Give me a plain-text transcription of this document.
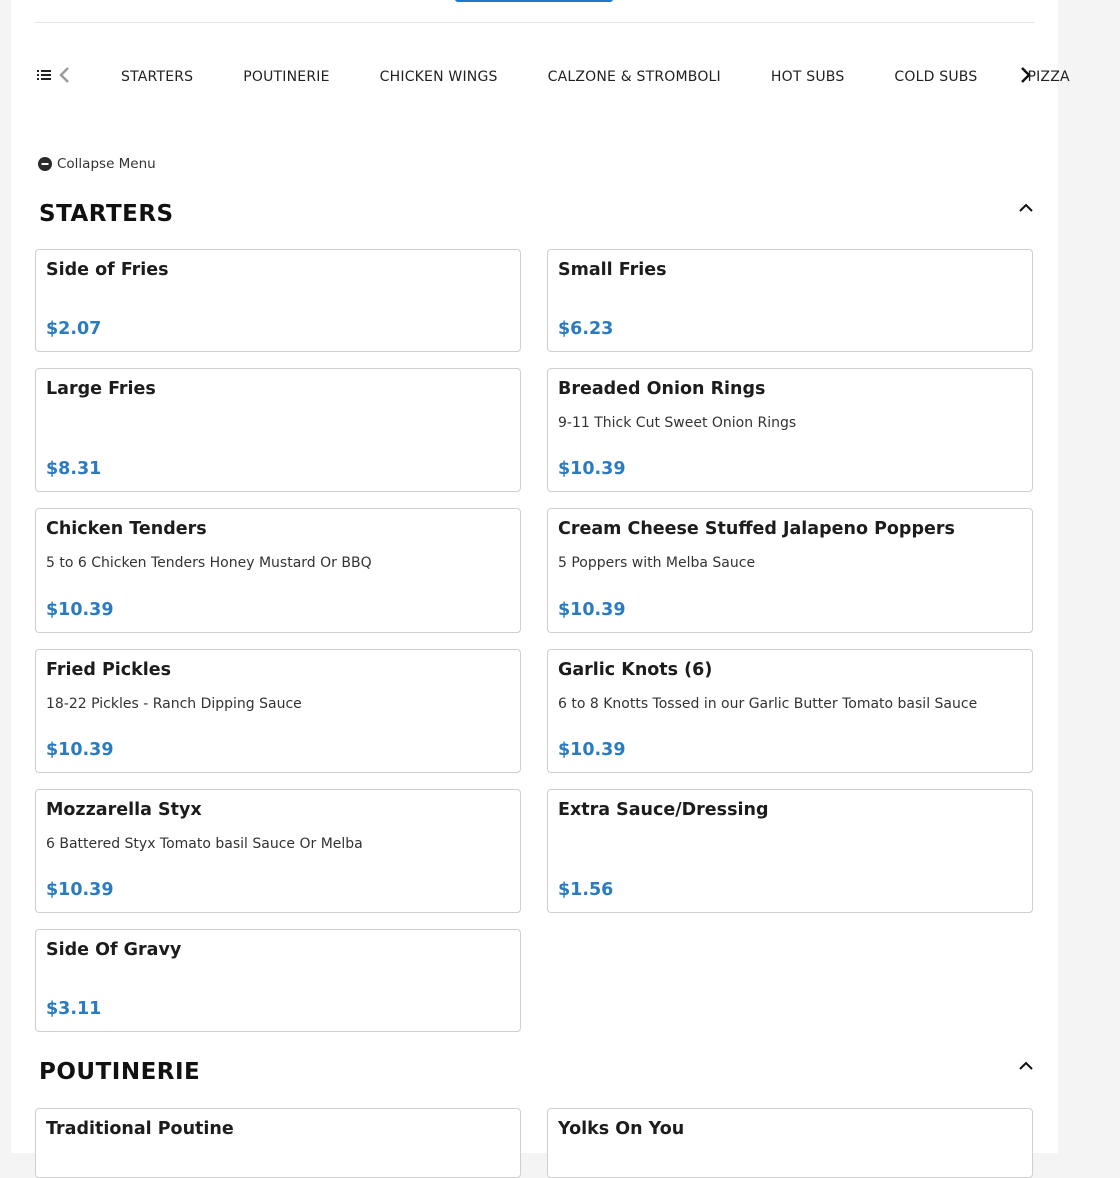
STARTERS	POUTINERIE	CHICKEN WINGS	CALZONE & STROMBOLI	HOT SUBS	COLD SUBS	PIZZA
Collapse Menu
STARTERS
Side of Fries
$2.07
Small Fries
$6.23
Large Fries
$8.31
Breaded Onion Rings
9-11 Thick Cut Sweet Onion Rings
$10.39
Chicken Tenders
5 to 6 Chicken Tenders Honey Mustard Or BBQ
$10.39
Cream Cheese Stuffed Jalapeno Poppers
5 Poppers with Melba Sauce
$10.39
Fried Pickles
18-22 Pickles - Ranch Dipping Sauce
$10.39
Garlic Knots (6)
6 to 8 Knotts Tossed in our Garlic Butter Tomato basil Sauce
$10.39
Mozzarella Styx
6 Battered Styx Tomato basil Sauce Or Melba
$10.39
Extra Sauce/Dressing
$1.56
Side Of Gravy
$3.11
POUTINERIE
Traditional Poutine	Yolks On You
